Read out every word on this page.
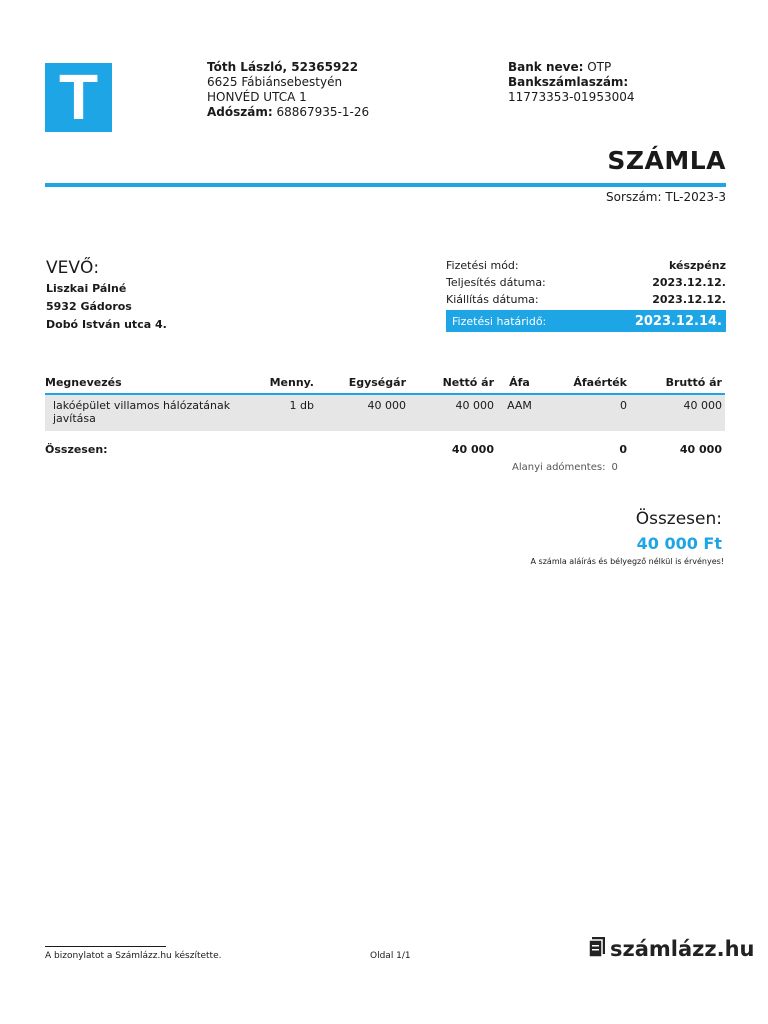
T	Tóth László, 52365922
6625 Fábiánsebestyén
HONVÉD UTCA 1
Adószám: 68867935-1-26
Bank neve: OTP
Bankszámlaszám:
11773353-01953004
SZÁMLA
Sorszám: TL-2023-3
VEVŐ:
Liszkai Pálné
5932 Gádoros
Dobó István utca 4.
Fizetési mód:	készpénz
Teljesítés dátuma:	2023.12.12.
Kiállítás dátuma:	2023.12.12.
Fizetési határidő:	2023.12.14.
Megnevezés	Menny.	Egységár	Nettó ár	Áfa	Áfaérték	Bruttó ár
lakóépület villamos hálózatának javítása	1 db	40 000	40 000	AAM	0	40 000
Összesen:			40 000		0	40 000
Alanyi adómentes: 0
Összesen:
40 000 Ft
A számla aláírás és bélyegző nélkül is érvényes!
A bizonylatot a Számlázz.hu készítette.	Oldal 1/1	számlázz.hu
